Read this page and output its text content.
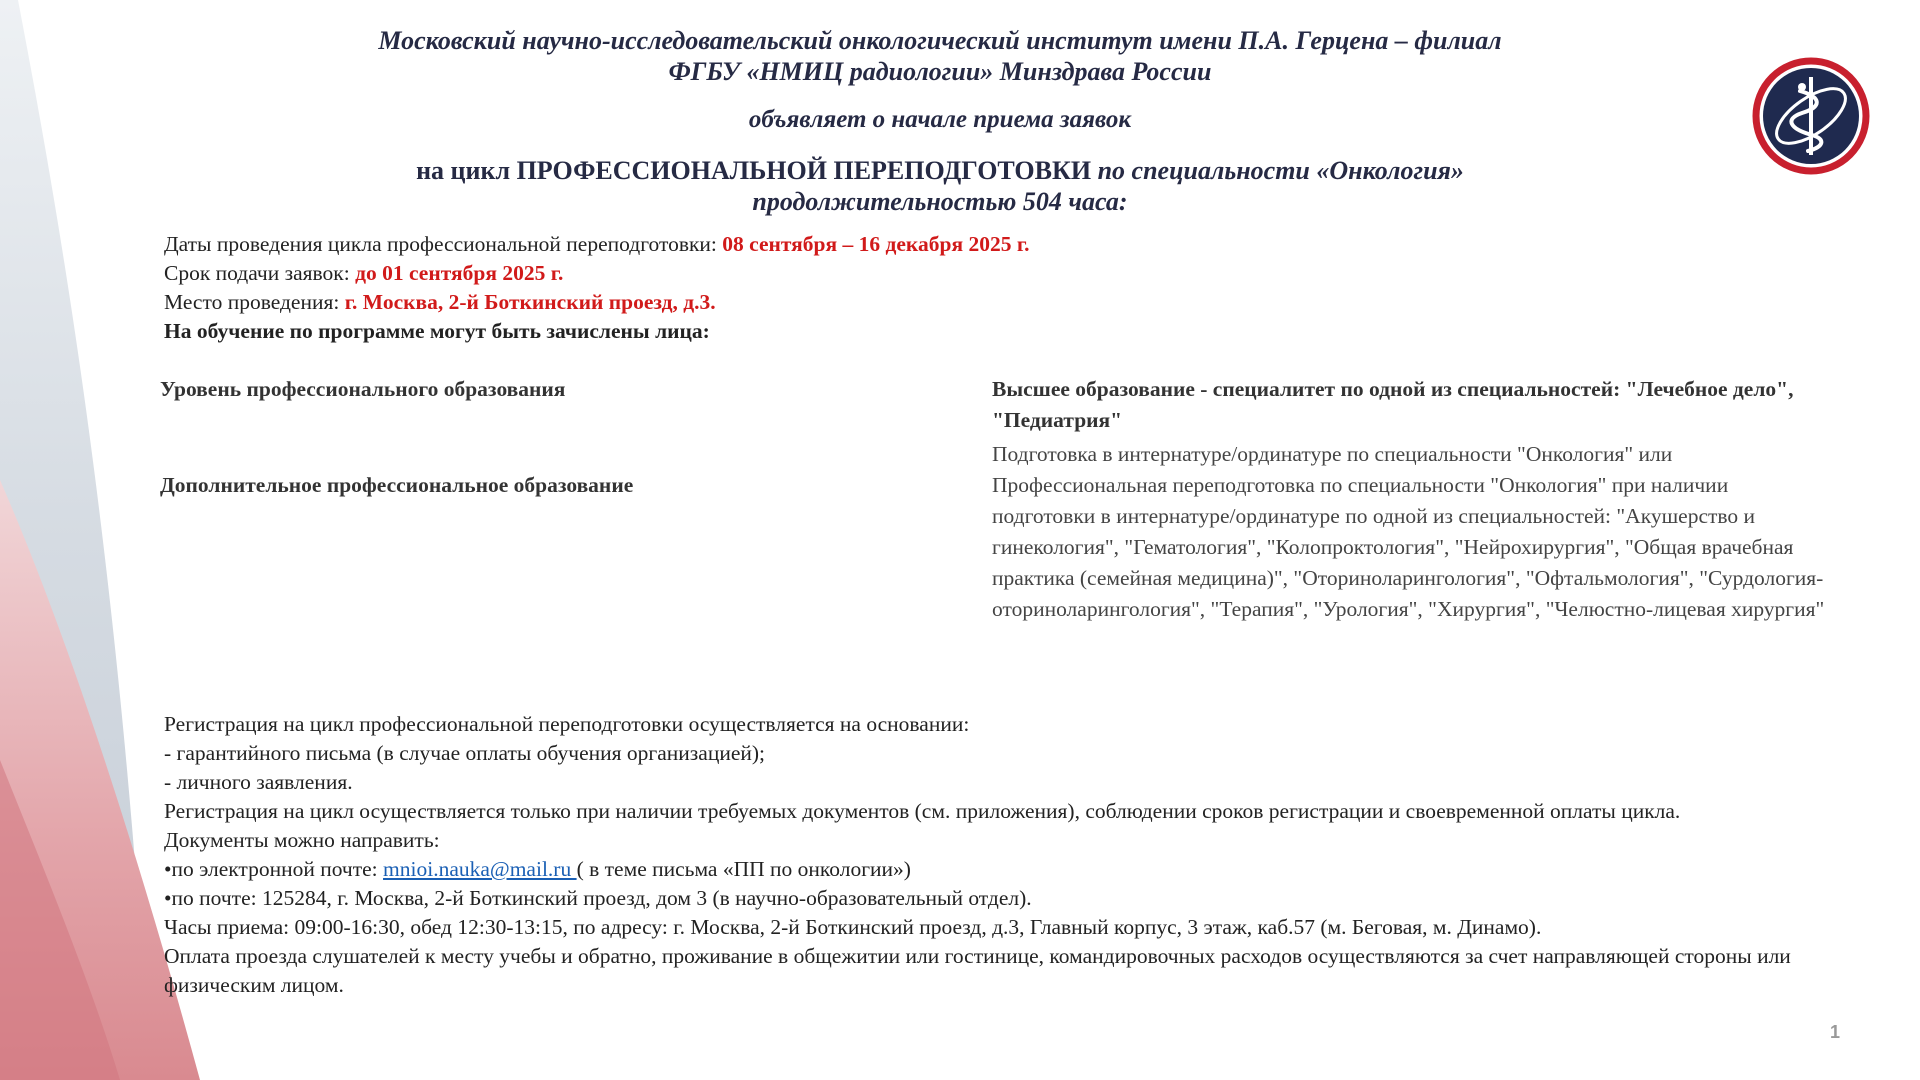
Московский научно-исследовательский онкологический институт имени П.А. Герцена – филиал
ФГБУ «НМИЦ радиологии» Минздрава России
объявляет о начале приема заявок
на цикл ПРОФЕССИОНАЛЬНОЙ ПЕРЕПОДГОТОВКИ по специальности «Онкология»
продолжительностью 504 часа:
Даты проведения цикла профессиональной переподготовки: 08 сентября – 16 декабря 2025 г.
Срок подачи заявок: до 01 сентября 2025 г.
Место проведения: г. Москва, 2-й Боткинский проезд, д.3.
На обучение по программе могут быть зачислены лица:
Уровень профессионального образования	Высшее образование - специалитет по одной из специальностей: "Лечебное дело", "Педиатрия"
Дополнительное профессиональное образование
Подготовка в интернатуре/ординатуре по специальности "Онкология" или Профессиональная переподготовка по специальности "Онкология" при наличии подготовки в интернатуре/ординатуре по одной из специальностей: "Акушерство и гинекология", "Гематология", "Колопроктология", "Нейрохирургия", "Общая врачебная практика (семейная медицина)", "Оториноларингология", "Офтальмология", "Сурдология-оториноларингология", "Терапия", "Урология", "Хирургия", "Челюстно-лицевая хирургия"
Регистрация на цикл профессиональной переподготовки осуществляется на основании:
- гарантийного письма (в случае оплаты обучения организацией);
- личного заявления.
Регистрация на цикл осуществляется только при наличии требуемых документов (см. приложения), соблюдении сроков регистрации и своевременной оплаты цикла.
Документы можно направить:
•по электронной почте: mnioi.nauka@mail.ru ( в теме письма «ПП по онкологии»)
•по почте: 125284, г. Москва, 2-й Боткинский проезд, дом 3 (в научно-образовательный отдел).
Часы приема: 09:00-16:30, обед 12:30-13:15, по адресу: г. Москва, 2-й Боткинский проезд, д.3, Главный корпус, 3 этаж, каб.57 (м. Беговая, м. Динамо).
Оплата проезда слушателей к месту учебы и обратно, проживание в общежитии или гостинице, командировочных расходов осуществляются за счет направляющей стороны или физическим лицом.
1
